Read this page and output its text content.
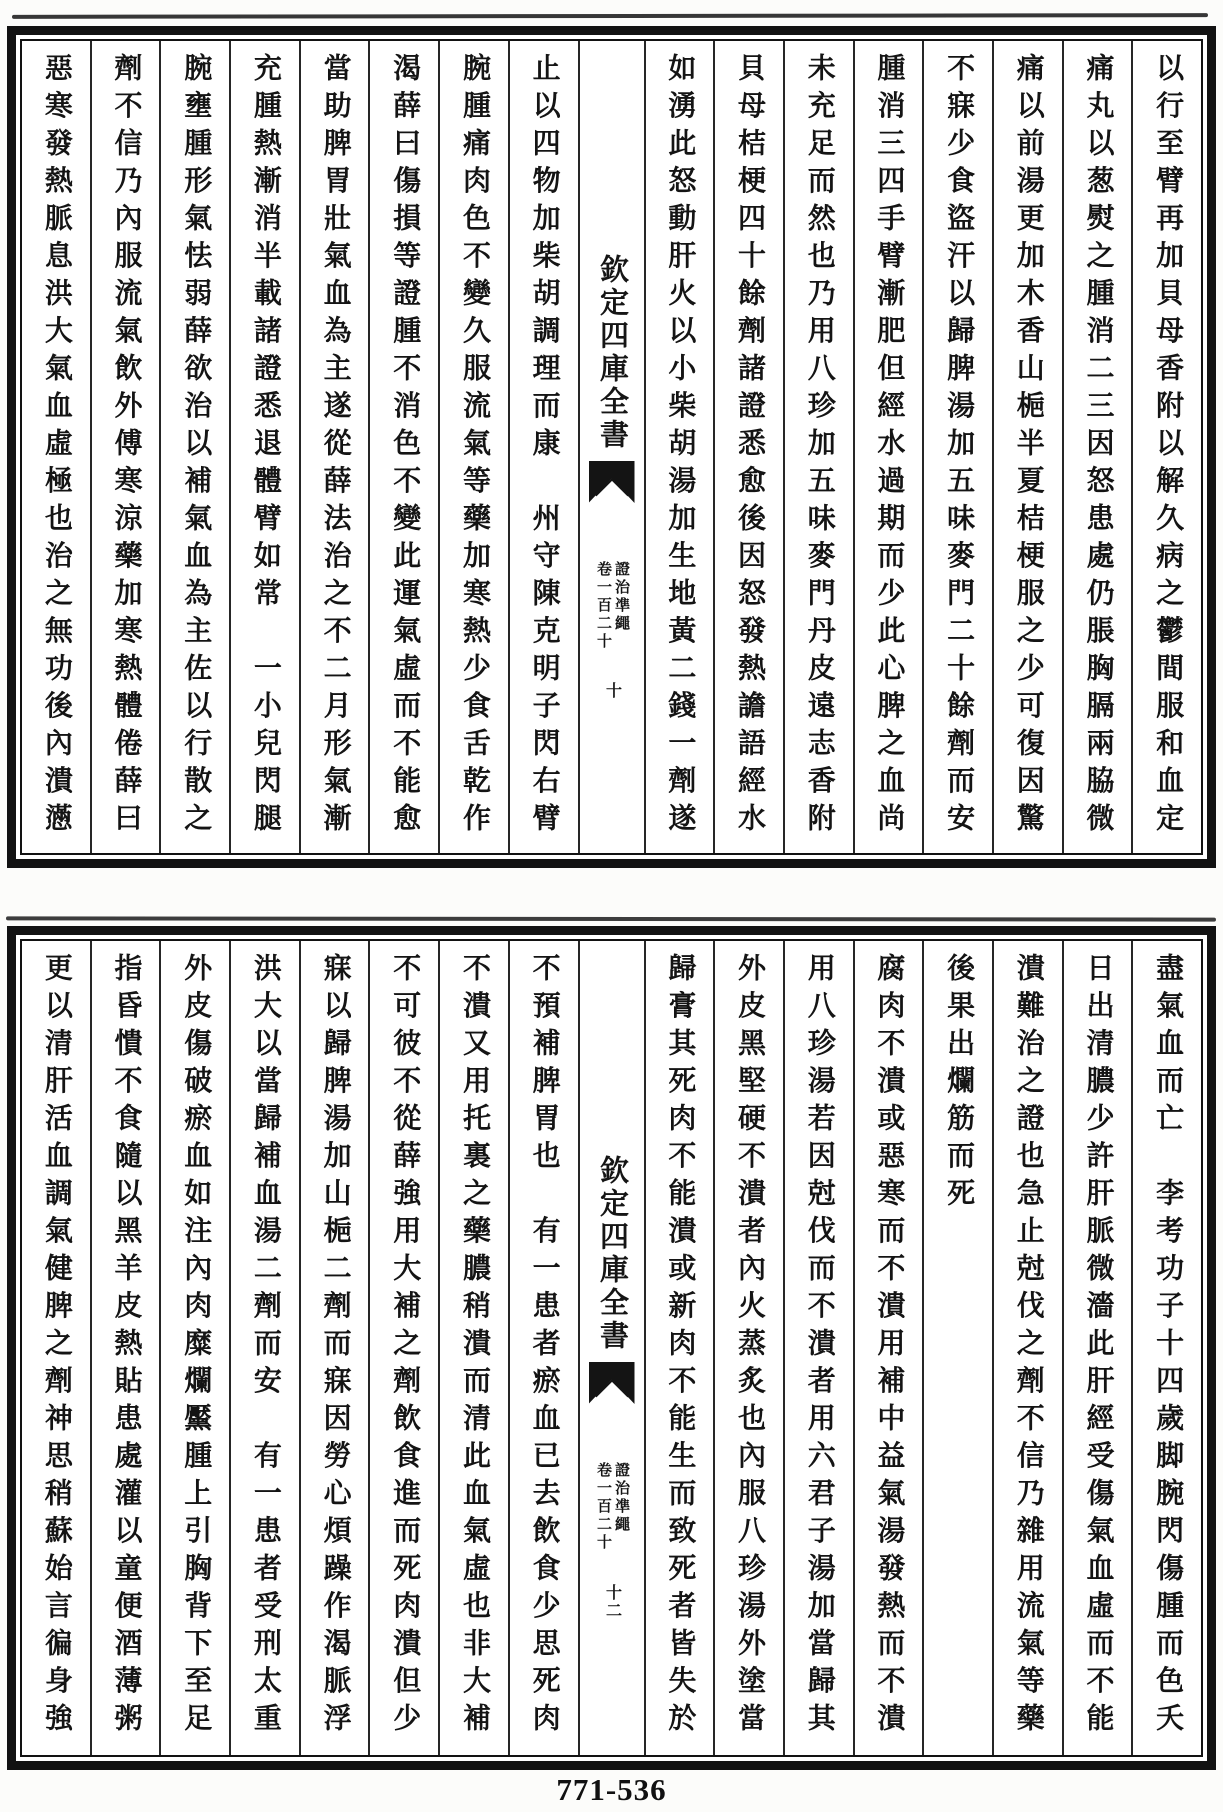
以行至臂再加貝母香附以解久病之鬱間服和血定
痛丸以葱熨之腫消二三因怒患處仍脹胸膈兩脇微
痛以前湯更加木香山梔半夏桔梗服之少可復因驚
不寐少食盜汗以歸脾湯加五味麥門二十餘劑而安
腫消三四手臂漸肥但經水過期而少此心脾之血尚
未充足而然也乃用八珍加五味麥門丹皮遠志香附
貝母桔梗四十餘劑諸證悉愈後因怒發熱譫語經水
如湧此怒動肝火以小柴胡湯加生地黃二錢一劑遂
欽定四庫全書
證治凖繩
卷一百二十
十
止以四物加柴胡調理而康　州守陳克明子閃右臂
腕腫痛肉色不變久服流氣等藥加寒熱少食舌乾作
渴薛曰傷損等證腫不消色不變此運氣虛而不能愈
當助脾胃壯氣血為主遂從薛法治之不二月形氣漸
充腫熱漸消半載諸證悉退體臂如常　一小兒閃腿
腕壅腫形氣怯弱薛欲治以補氣血為主佐以行散之
劑不信乃內服流氣飲外傅寒涼藥加寒熱體倦薛曰
惡寒發熱脈息洪大氣血虛極也治之無功後內潰懣
盡氣血而亡　李考功子十四歲脚腕閃傷腫而色夭
日出清膿少許肝脈微濇此肝經受傷氣血虛而不能
潰難治之證也急止尅伐之劑不信乃雜用流氣等藥
後果出爛筋而死
腐肉不潰或惡寒而不潰用補中益氣湯發熱而不潰
用八珍湯若因尅伐而不潰者用六君子湯加當歸其
外皮黑堅硬不潰者內火蒸炙也內服八珍湯外塗當
歸膏其死肉不能潰或新肉不能生而致死者皆失於
欽定四庫全書
證治凖繩
卷一百二十
十二
不預補脾胃也　有一患者瘀血已去飲食少思死肉
不潰又用托裏之藥膿稍潰而清此血氣虛也非大補
不可彼不從薛強用大補之劑飲食進而死肉潰但少
寐以歸脾湯加山梔二劑而寐因勞心煩躁作渴脈浮
洪大以當歸補血湯二劑而安　有一患者受刑太重
外皮傷破瘀血如注內肉糜爛黶腫上引胸背下至足
指昏憒不食隨以黑羊皮熱貼患處灌以童便酒薄粥
更以清肝活血調氣健脾之劑神思稍蘇始言徧身強
771-536
